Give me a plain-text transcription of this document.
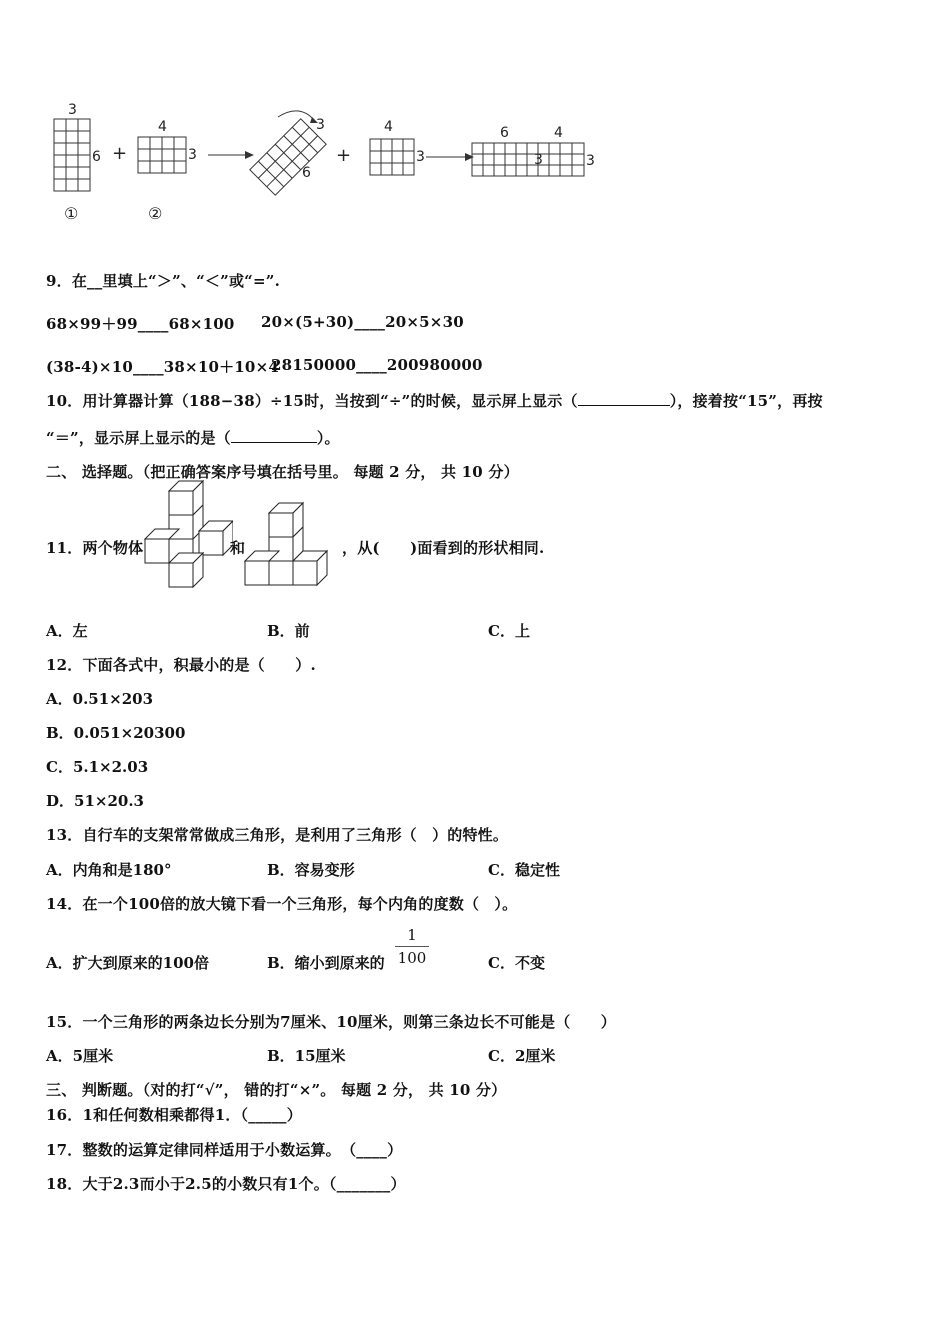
3
6
4
3
3
6
4
3
6	4
3	3
①	②
+	+
9．在__里填上“＞”、“＜”或“=”.
68×99＋99____68×100 20×(5+30)____20×5×30
(38-4)×10____38×10＋10×4
28150000____200980000
10．用计算器计算（188−38）÷15时，当按到“÷”的时候，显示屏上显示（	），接着按“15”，再按
“＝”，显示屏上显示的是（	）。
二、 选择题。（把正确答案序号填在括号里。 每题 2 分， 共 10 分）
11．两个物体	和	，从(　　)面看到的形状相同.
A．左	B．前	C．上
12．下面各式中，积最小的是（　　）.
A．0.51×203
B．0.051×20300
C．5.1×2.03
D．51×20.3
13．自行车的支架常常做成三角形，是利用了三角形（　）的特性。
A．内角和是180°	B．容易变形	C．稳定性
14．在一个100倍的放大镜下看一个三角形，每个内角的度数（　）。
A．扩大到原来的100倍	B．缩小到原来的 $\frac{1}{100}$	C．不变
15．一个三角形的两条边长分别为7厘米、10厘米，则第三条边长不可能是（　　）
A．5厘米	B．15厘米	C．2厘米
三、 判断题。（对的打“√”， 错的打“×”。 每题 2 分， 共 10 分）
16．1和任何数相乘都得1．（_____）
17．整数的运算定律同样适用于小数运算。　（____）
18．大于2.3而小于2.5的小数只有1个。（_______）
